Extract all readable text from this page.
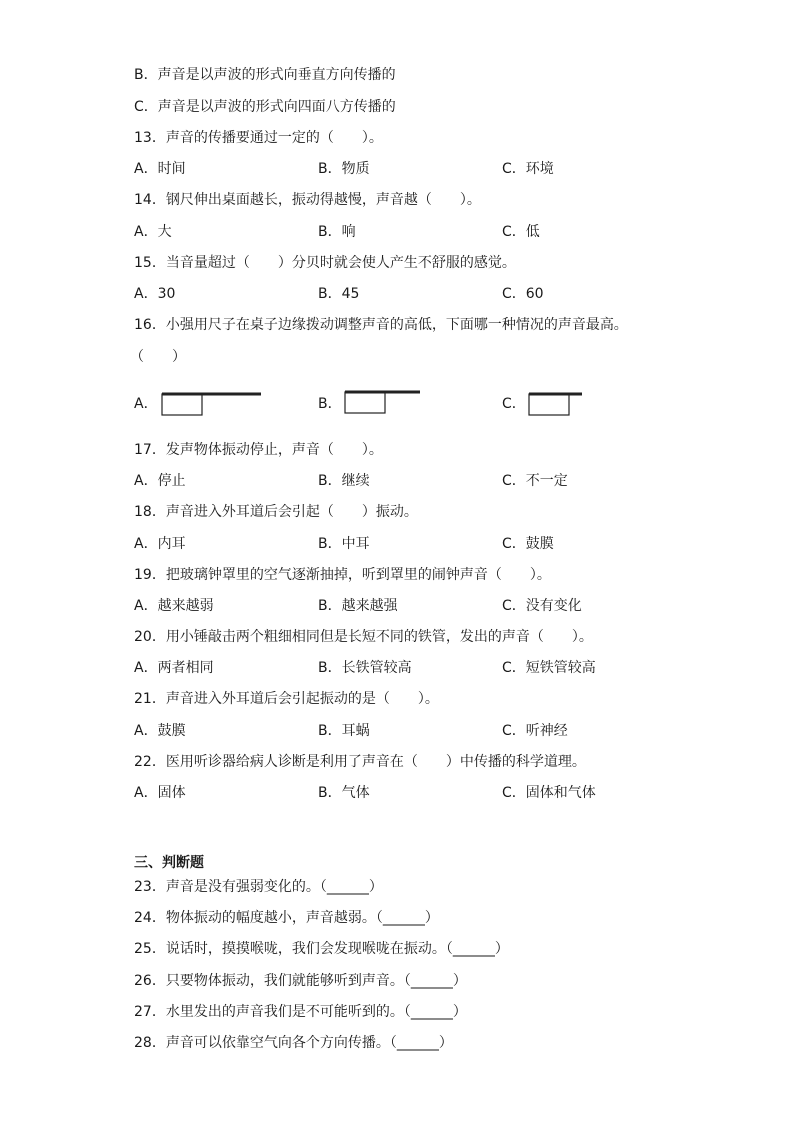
B．声音是以声波的形式向垂直方向传播的
C．声音是以声波的形式向四面八方传播的
13．声音的传播要通过一定的（　　）。
A．时间	B．物质	C．环境
14．钢尺伸出桌面越长，振动得越慢，声音越（　　）。
A．大	B．响	C．低
15．当音量超过（　　）分贝时就会使人产生不舒服的感觉。
A．30	B．45	C．60
16．小强用尺子在桌子边缘拨动调整声音的高低，下面哪一种情况的声音最高。
（　　）
A．	B．	C．
17．发声物体振动停止，声音（　　）。
A．停止	B．继续	C．不一定
18．声音进入外耳道后会引起（　　）振动。
A．内耳	B．中耳	C．鼓膜
19．把玻璃钟罩里的空气逐渐抽掉，听到罩里的闹钟声音（　　）。
A．越来越弱	B．越来越强	C．没有变化
20．用小锤敲击两个粗细相同但是长短不同的铁管，发出的声音（　　）。
A．两者相同	B．长铁管较高	C．短铁管较高
21．声音进入外耳道后会引起振动的是（　　）。
A．鼓膜	B．耳蜗	C．听神经
22．医用听诊器给病人诊断是利用了声音在（　　）中传播的科学道理。
A．固体	B．气体	C．固体和气体
三、判断题
23．声音是没有强弱变化的。（______）
24．物体振动的幅度越小，声音越弱。（______）
25．说话时，摸摸喉咙，我们会发现喉咙在振动。（______）
26．只要物体振动，我们就能够听到声音。（______）
27．水里发出的声音我们是不可能听到的。（______）
28．声音可以依靠空气向各个方向传播。（______）
